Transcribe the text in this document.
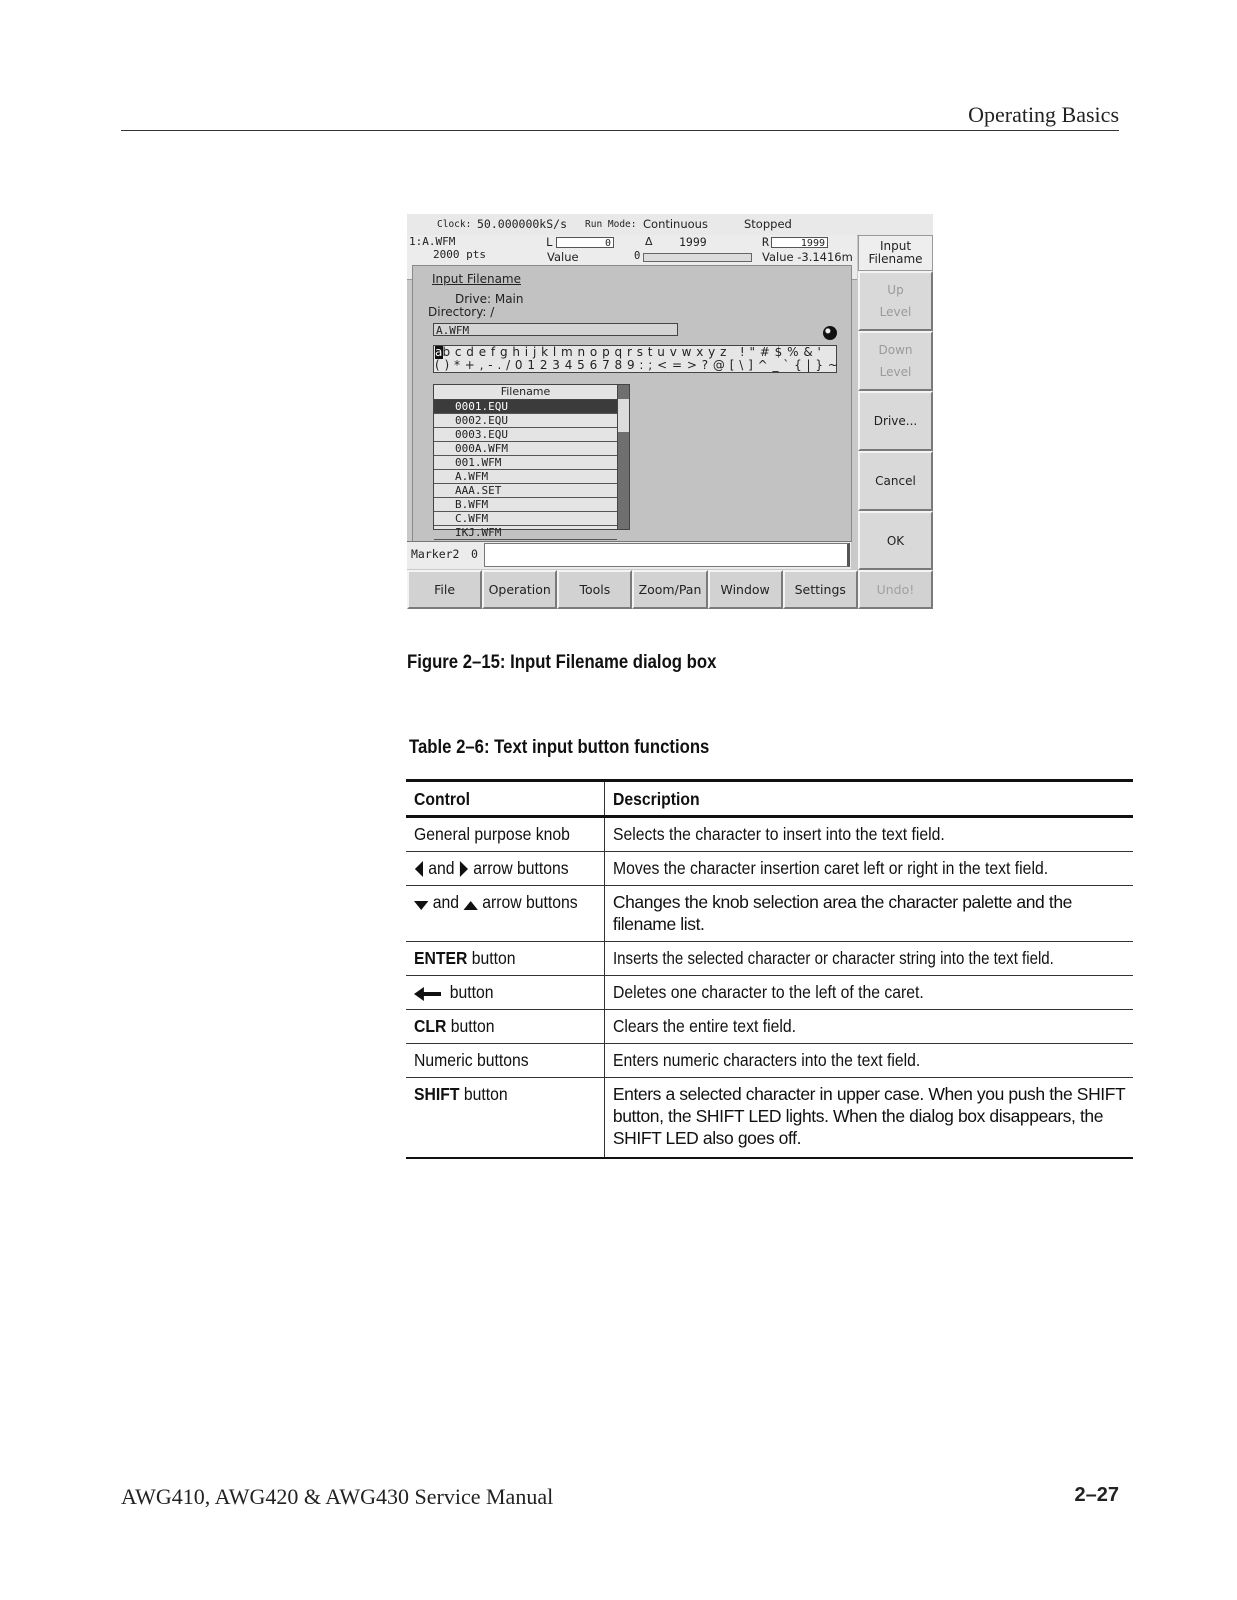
Operating Basics
Clock: 50.000000kS/s Run Mode: Continuous	Stopped
1:A.WFM
2000 pts
L	0	Δ 1999	R	1999
Value	0	Value -3.1416m
Input Filename
Drive: Main
Directory: /
A.WFM
a
b c d e f g h i j k l m n o p q r s t u v w x y z   ! " # $ % & '

( ) * + , - . / 0 1 2 3 4 5 6 7 8 9 : ; < = > ? @ [ \ ] ^ _ ` { | } ~
Filename
0001.EQU
0002.EQU
0003.EQU
000A.WFM
001.WFM
A.WFM
AAA.SET
B.WFM
C.WFM
IKJ.WFM
Input
Filename
Up
Level
Down
Level
Drive...
Cancel
OK
Marker2 0
File	Operation	Tools	Zoom/Pan	Window	Settings	Undo!
Figure 2–15: Input Filename dialog box
Table 2–6: Text input button functions
Control	Description
General purpose knob	Selects the character to insert into the text field.
and arrow buttons	Moves the character insertion caret left or right in the text field.
and arrow buttons	Changes the knob selection area the character palette and the filename list.

ENTER button	Inserts the selected character or character string into the text field.
button	Deletes one character to the left of the caret.
CLR button	Clears the entire text field.
Numeric buttons	Enters numeric characters into the text field.
SHIFT button	Enters a selected character in upper case. When you push the SHIFT button, the SHIFT LED lights. When the dialog box disappears, the SHIFT LED also goes off.
AWG410, AWG420 & AWG430 Service Manual	2–27
